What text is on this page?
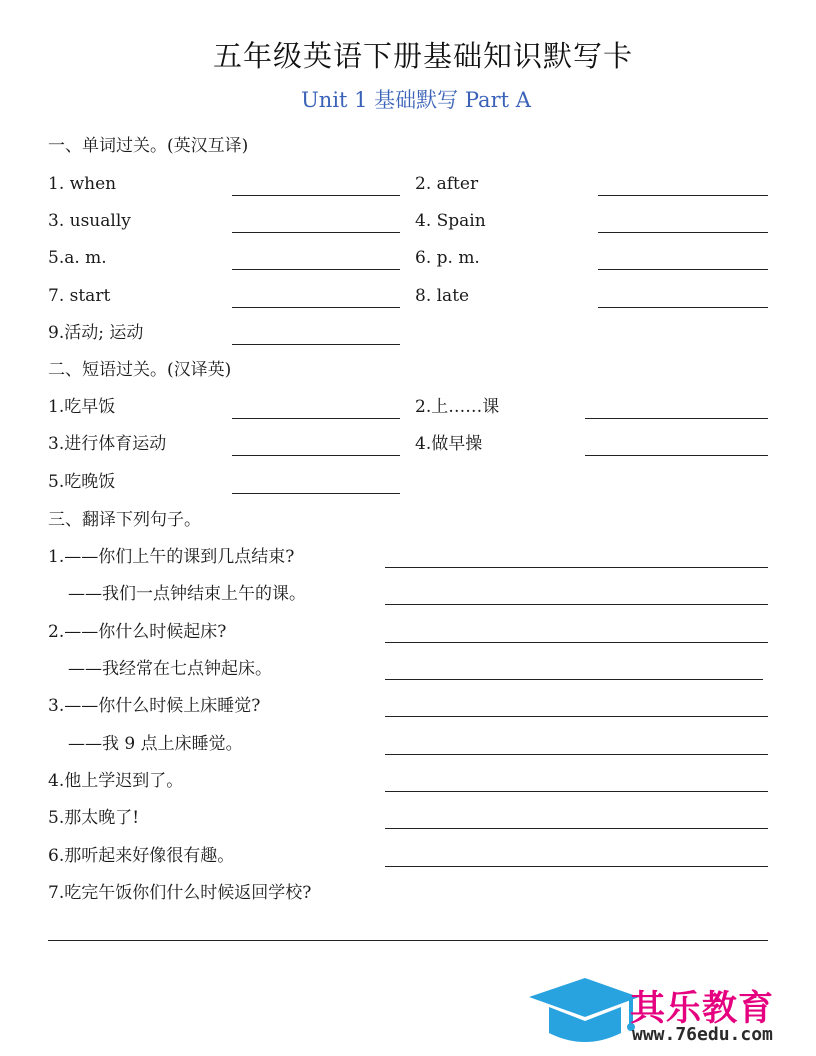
五年级英语下册基础知识默写卡
Unit 1 基础默写 Part A
一、单词过关。(英汉互译)
1. when	2. after
3. usually	4. Spain
5.a. m.	6. p. m.
7. start	8. late
9.活动; 运动
二、短语过关。(汉译英)
1.吃早饭	2.上……课
3.进行体育运动	4.做早操
5.吃晚饭
三、翻译下列句子。
1.——你们上午的课到几点结束?
——我们一点钟结束上午的课。
2.——你什么时候起床?
——我经常在七点钟起床。
3.——你什么时候上床睡觉?
——我 9 点上床睡觉。
4.他上学迟到了。
5.那太晚了!
6.那听起来好像很有趣。
7.吃完午饭你们什么时候返回学校?
其乐教育
www.76edu.com
